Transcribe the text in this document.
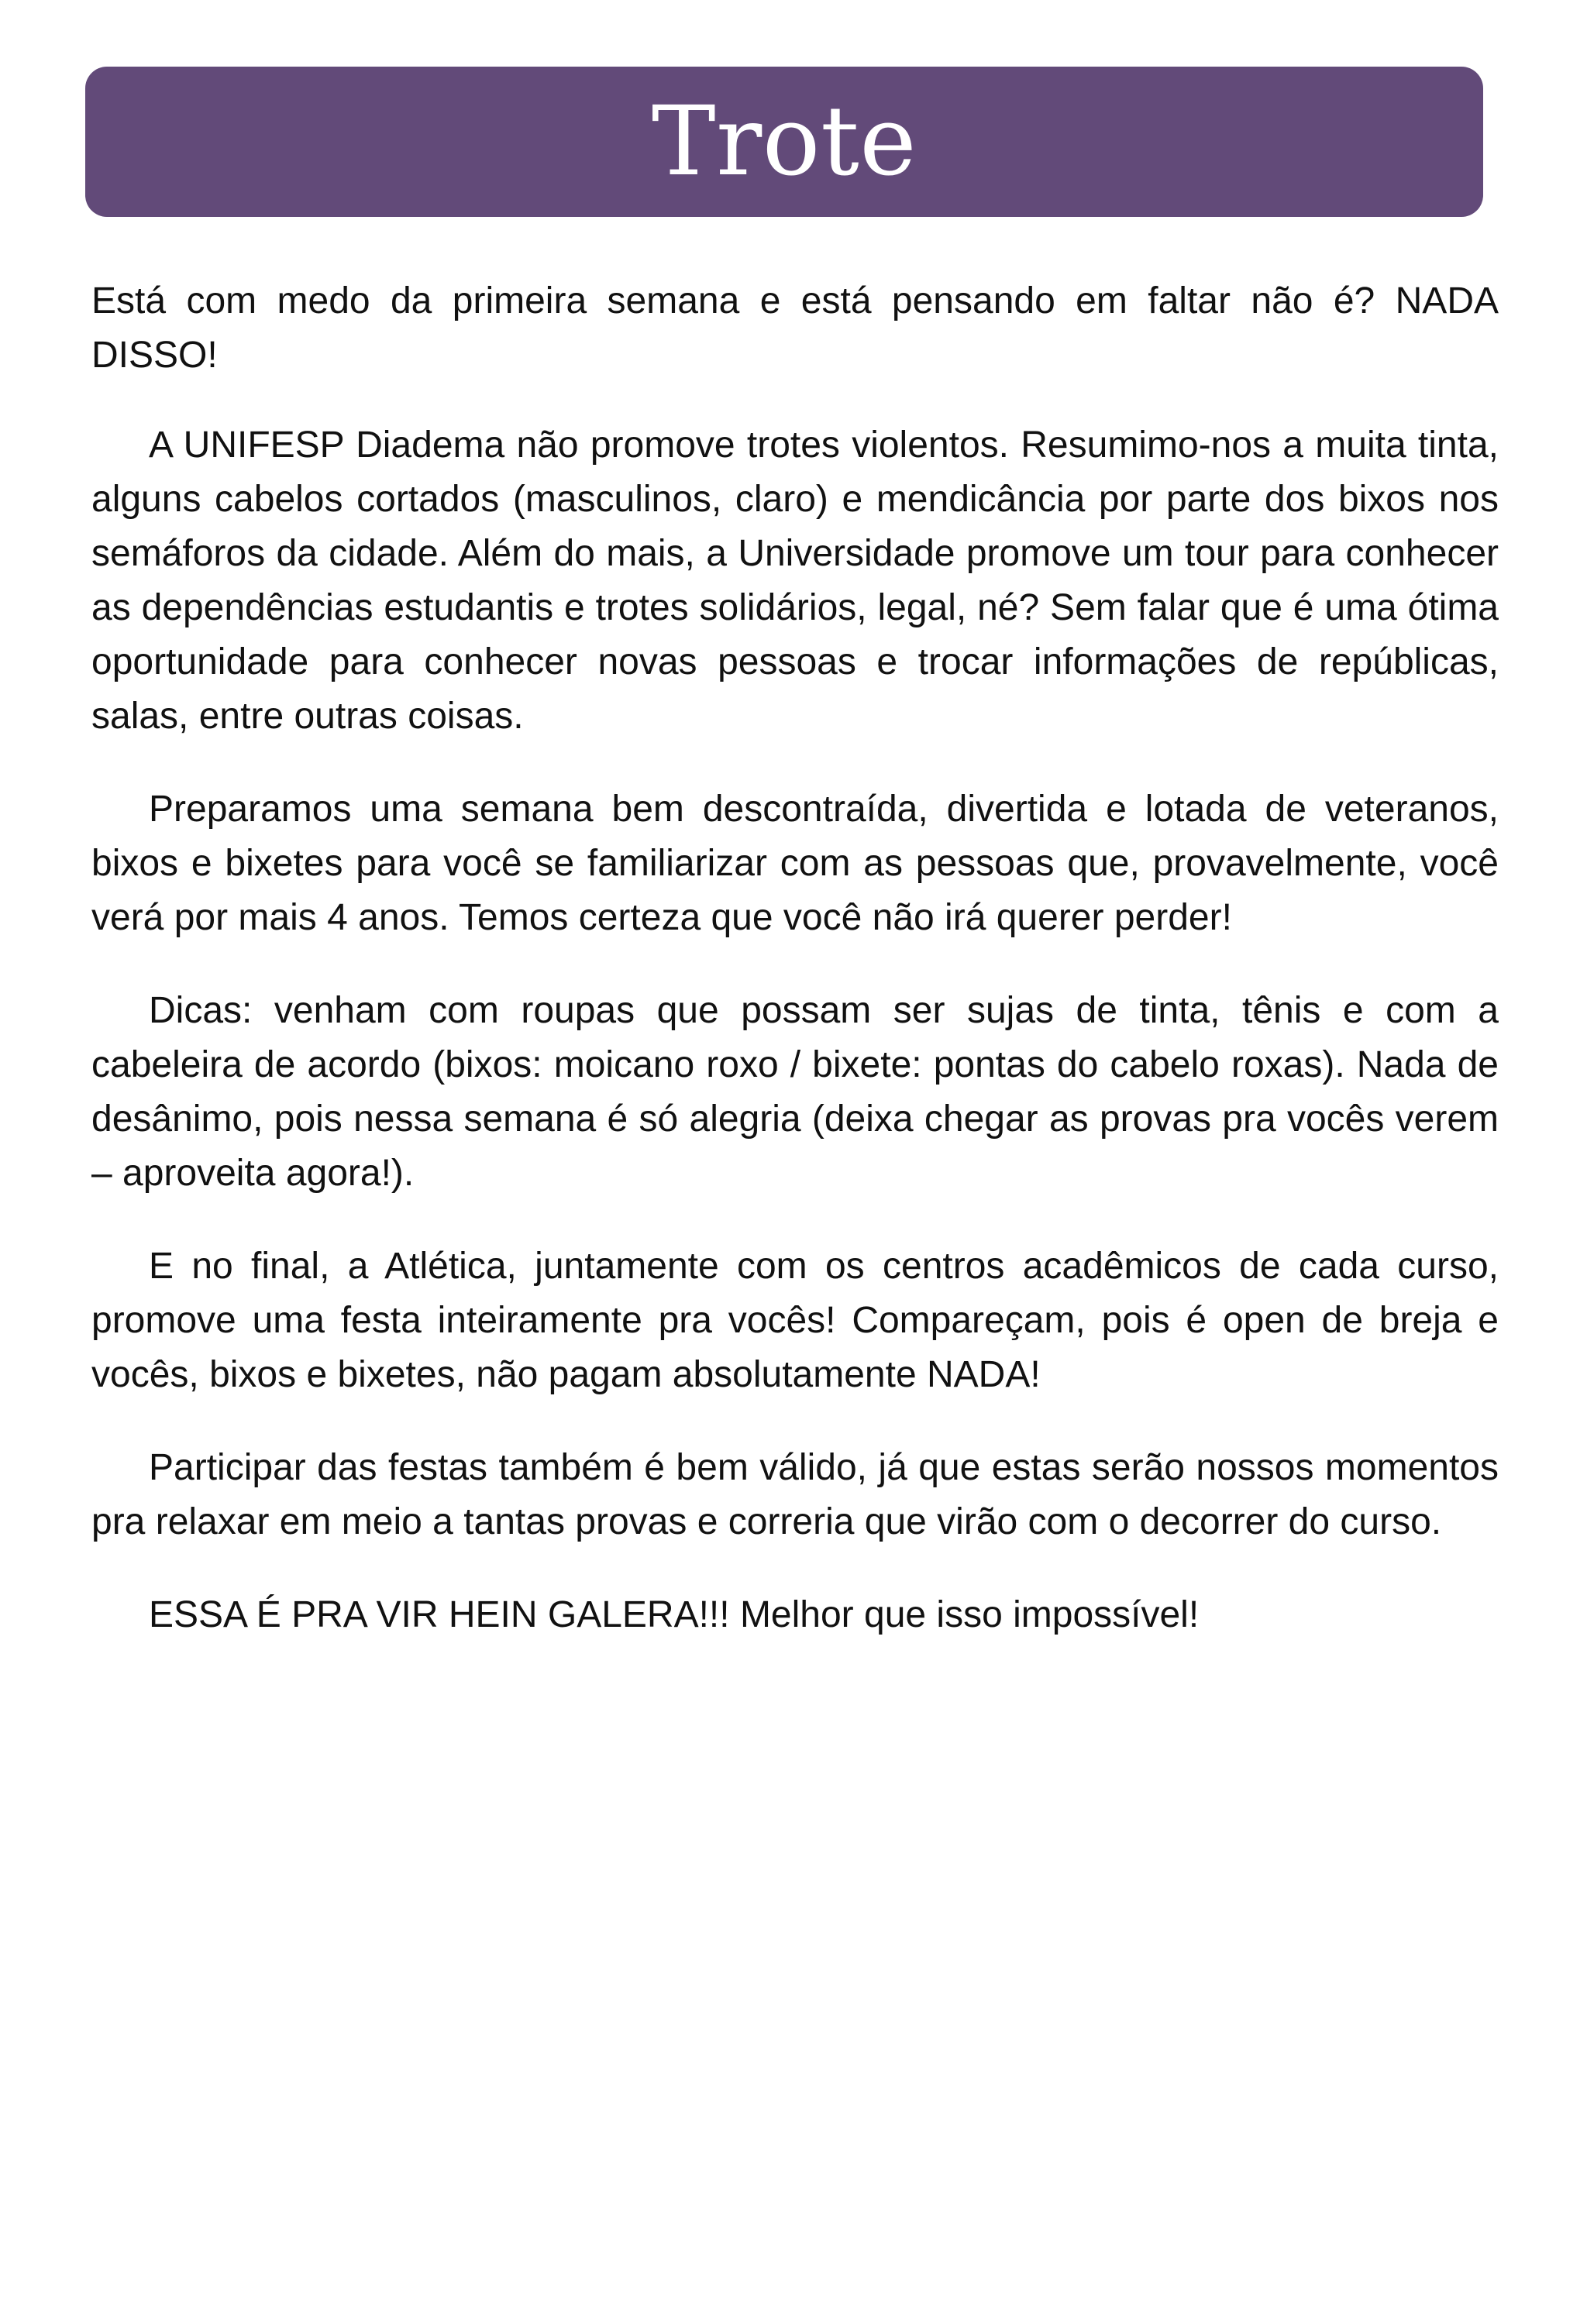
Trote

Está com medo da primeira semana e está pensando em faltar não é? NADA DISSO!

A UNIFESP Diadema não promove trotes violentos. Resumimo-nos a muita tinta, alguns cabelos cortados (masculinos, claro) e mendicância por parte dos bixos nos semáforos da cidade. Além do mais, a Universidade promove um tour para conhecer as dependências estudantis e trotes solidários, legal, né? Sem falar que é uma ótima oportunidade para conhecer novas pessoas e trocar informações de repúblicas, salas, entre outras coisas.

Preparamos uma semana bem descontraída, divertida e lotada de veteranos, bixos e bixetes para você se familiarizar com as pessoas que, provavelmente, você verá por mais 4 anos. Temos certeza que você não irá querer perder!

Dicas: venham com roupas que possam ser sujas de tinta, tênis e com a cabeleira de acordo (bixos: moicano roxo / bixete: pontas do cabelo roxas). Nada de desânimo, pois nessa semana é só alegria (deixa chegar as provas pra vocês verem – aproveita agora!).

E no final, a Atlética, juntamente com os centros acadêmicos de cada curso, promove uma festa inteiramente pra vocês! Compareçam, pois é open de breja e vocês, bixos e bixetes, não pagam absolutamente NADA!

Participar das festas também é bem válido, já que estas serão nossos momentos pra relaxar em meio a tantas provas e correria que virão com o decorrer do curso.

ESSA É PRA VIR HEIN GALERA!!! Melhor que isso impossível!
